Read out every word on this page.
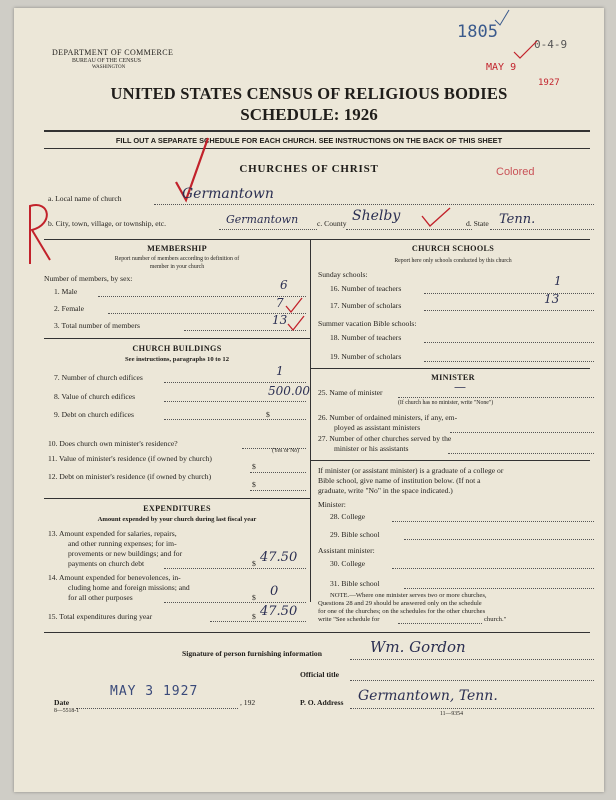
DEPARTMENT OF COMMERCE
BUREAU OF THE CENSUS
WASHINGTON
1805
0-4-9
MAY 9
1927
UNITED STATES CENSUS OF RELIGIOUS BODIES
SCHEDULE: 1926
FILL OUT A SEPARATE SCHEDULE FOR EACH CHURCH. SEE INSTRUCTIONS ON THE BACK OF THIS SHEET
CHURCHES OF CHRIST	Colored
a. Local name of church	Germantown
b. City, town, village, or township, etc.	Germantown c. County Shelby	d. State Tenn.
MEMBERSHIP
Report number of members according to definition of
member in your church
Number of members, by sex:
1. Male	6
2. Female	7
3. Total number of members	13
CHURCH BUILDINGS
See instructions, paragraphs 10 to 12
7. Number of church edifices	1
8. Value of church edifices	500.00
9. Debt on church edifices	$
10. Does church own minister's residence?
(Yes or No)
11. Value of minister's residence (if owned by church)
$
12. Debt on minister's residence (if owned by church)
$
EXPENDITURES
Amount expended by your church during last fiscal year
13. Amount expended for salaries, repairs,
and other running expenses; for im-
provements or new buildings; and for
payments on church debt	$ 47.50
14. Amount expended for benevolences, in-
cluding home and foreign missions; and
for all other purposes	$ 0
15. Total expenditures during year	$ 47.50
CHURCH SCHOOLS
Report here only schools conducted by this church
Sunday schools:
16. Number of teachers
1
17. Number of scholars	13
Summer vacation Bible schools:
18. Number of teachers
19. Number of scholars
MINISTER
25. Name of minister	—
(If church has no minister, write "None")
26. Number of ordained ministers, if any, em-
ployed as assistant ministers
27. Number of other churches served by the
minister or his assistants
If minister (or assistant minister) is a graduate of a college or
Bible school, give name of institution below. (If not a
graduate, write "No" in the space indicated.)
Minister:
28. College
29. Bible school
Assistant minister:
30. College
31. Bible school
NOTE.—Where one minister serves two or more churches,
Questions 28 and 29 should be answered only on the schedule
for one of the churches; on the schedules for the other churches
write "See schedule for	church."
Signature of person furnishing information	Wm. Gordon
Official title
MAY 3 1927
Date	, 192	P. O. Address Germantown, Tenn.
8—5518-1	11—9354
